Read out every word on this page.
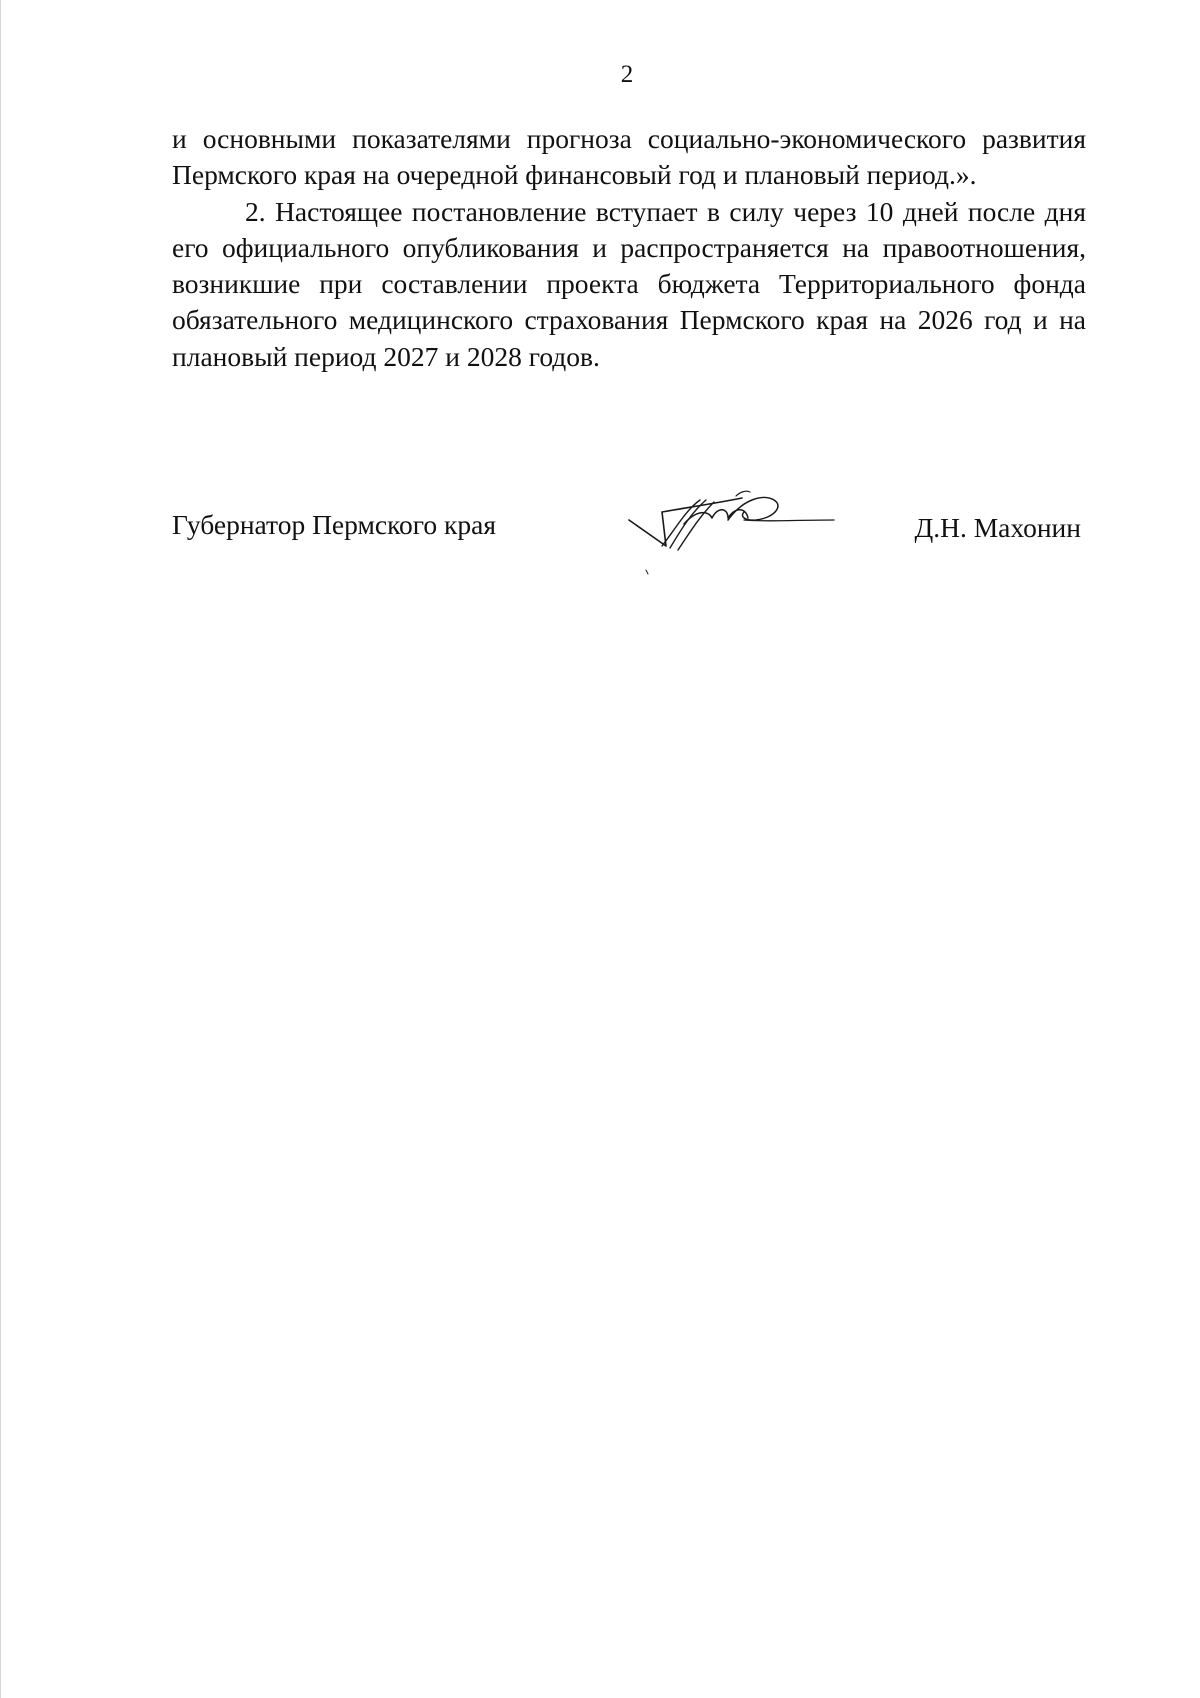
2

и основными показателями прогноза социально-экономического развития Пермского края на очередной финансовый год и плановый период.».

2. Настоящее постановление вступает в силу через 10 дней после дня его официального опубликования и распространяется на правоотношения, возникшие при составлении проекта бюджета Территориального фонда обязательного медицинского страхования Пермского края на 2026 год и на плановый период 2027 и 2028 годов.

Губернатор Пермского края	Д.Н. Махонин
